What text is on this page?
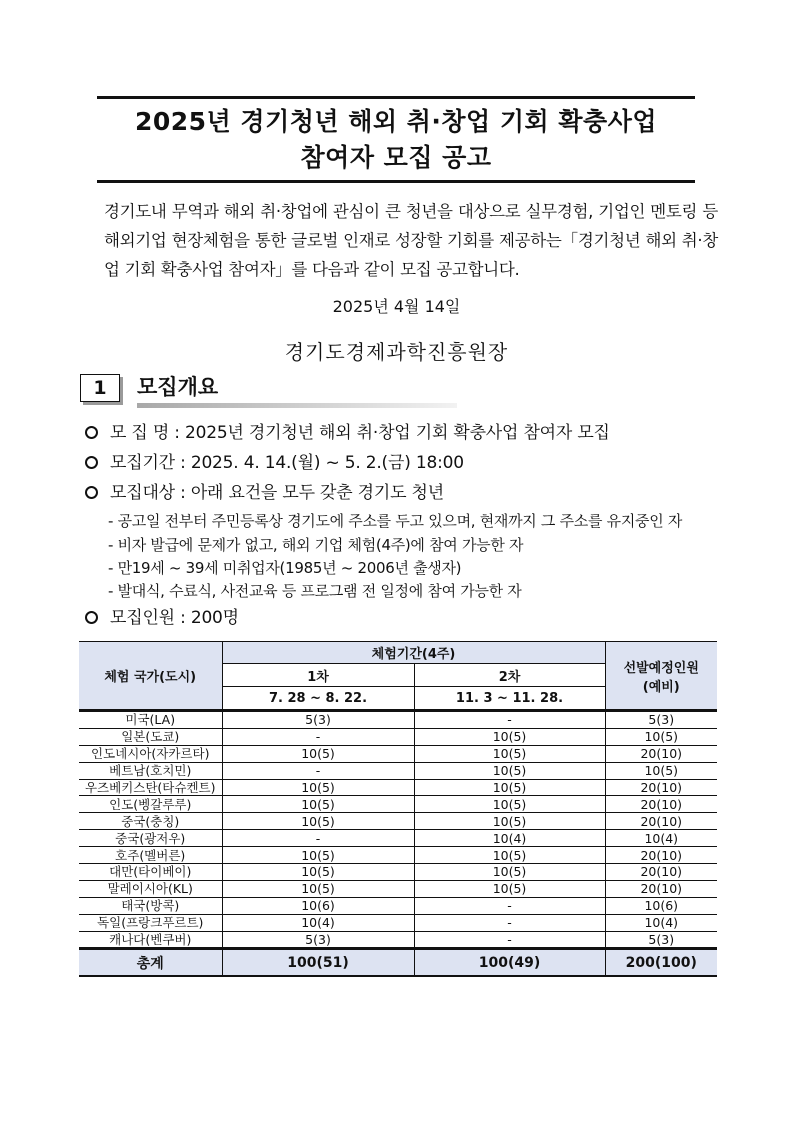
2025년 경기청년 해외 취·창업 기회 확충사업
참여자 모집 공고
경기도내 무역과 해외 취·창업에 관심이 큰 청년을 대상으로 실무경험, 기업인 멘토링 등 해외기업 현장체험을 통한 글로벌 인재로 성장할 기회를 제공하는「경기청년 해외 취·창업 기회 확충사업 참여자」를 다음과 같이 모집 공고합니다.
2025년 4월 14일
경기도경제과학진흥원장
1	모집개요
모 집 명 : 2025년 경기청년 해외 취·창업 기회 확충사업 참여자 모집
모집기간 : 2025. 4. 14.(월) ~ 5. 2.(금) 18:00
모집대상 : 아래 요건을 모두 갖춘 경기도 청년
- 공고일 전부터 주민등록상 경기도에 주소를 두고 있으며, 현재까지 그 주소를 유지중인 자
- 비자 발급에 문제가 없고, 해외 기업 체험(4주)에 참여 가능한 자
- 만19세 ~ 39세 미취업자(1985년 ~ 2006년 출생자)
- 발대식, 수료식, 사전교육 등 프로그램 전 일정에 참여 가능한 자
모집인원 : 200명
체험 국가(도시)	체험기간(4주)		선발예정인원
(예비)

	1차	2차	
	7. 28 ~ 8. 22.	11. 3 ~ 11. 28.	
미국(LA)	5(3)	-	5(3)
일본(도쿄)	-	10(5)	10(5)
인도네시아(자카르타)	10(5)	10(5)	20(10)
베트남(호치민)	-	10(5)	10(5)
우즈베키스탄(타슈켄트)	10(5)	10(5)	20(10)
인도(벵갈루루)	10(5)	10(5)	20(10)
중국(충칭)	10(5)	10(5)	20(10)
중국(광저우)	-	10(4)	10(4)
호주(멜버른)	10(5)	10(5)	20(10)
대만(타이베이)	10(5)	10(5)	20(10)
말레이시아(KL)	10(5)	10(5)	20(10)
태국(방콕)	10(6)	-	10(6)
독일(프랑크푸르트)	10(4)	-	10(4)
캐나다(벤쿠버)	5(3)	-	5(3)
총계	100(51)	100(49)	200(100)
